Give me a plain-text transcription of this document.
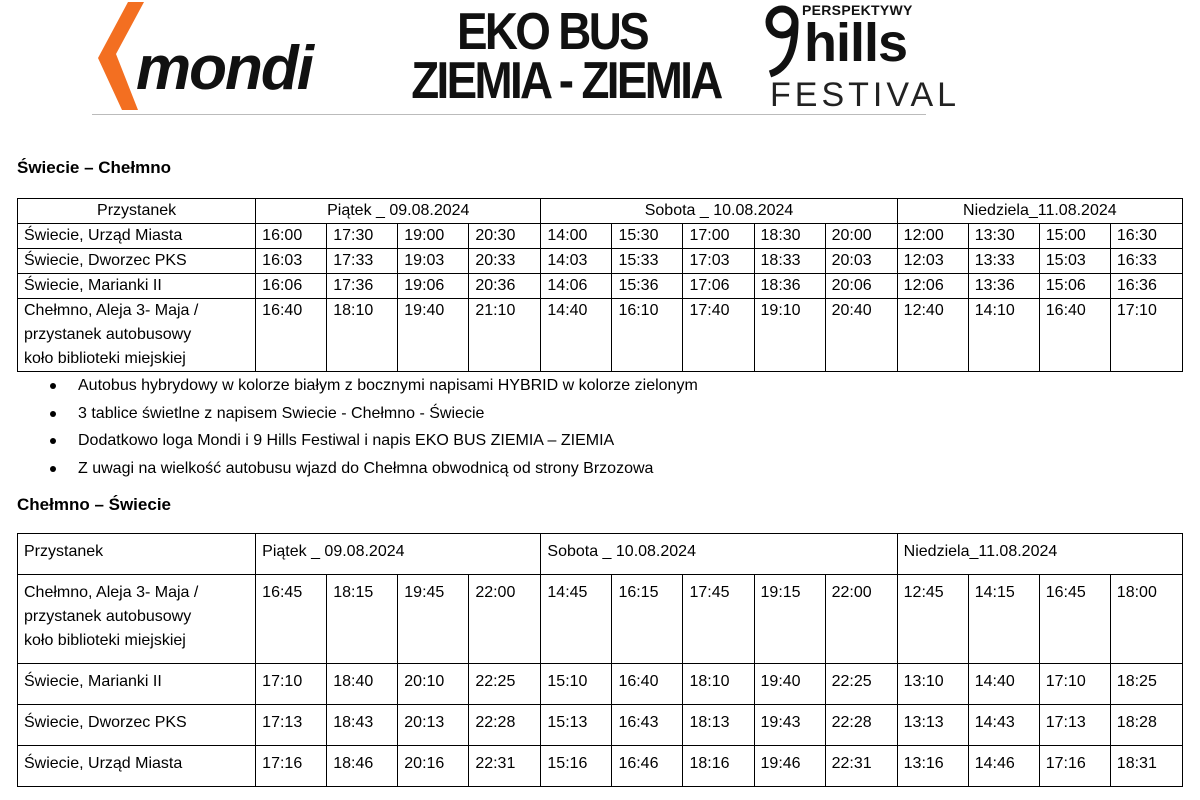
mondi
EKO BUS
ZIEMIA - ZIEMIA
PERSPEKTYWY
hills
FESTIVAL
Świecie – Chełmno
Przystanek	Piątek _ 09.08.2024				Sobota _ 10.08.2024					Niedziela_11.08.2024			
Świecie, Urząd Miasta	16:00	17:30	19:00	20:30	14:00	15:30	17:00	18:30	20:00	12:00	13:30	15:00	16:30
Świecie, Dworzec PKS	16:03	17:33	19:03	20:33	14:03	15:33	17:03	18:33	20:03	12:03	13:33	15:03	16:33
Świecie, Marianki II	16:06	17:36	19:06	20:36	14:06	15:36	17:06	18:36	20:06	12:06	13:36	15:06	16:36

Chełmno, Aleja 3- Maja /
przystanek autobusowy
koło biblioteki miejskiej	16:40	18:10	19:40	21:10	14:40	16:10	17:40	19:10	20:40	12:40	14:10	16:40	17:10
Autobus hybrydowy w kolorze białym z bocznymi napisami HYBRID w kolorze zielonym
3 tablice świetlne z napisem Swiecie - Chełmno - Świecie
Dodatkowo loga Mondi i 9 Hills Festiwal i napis EKO BUS ZIEMIA – ZIEMIA
Z uwagi na wielkość autobusu wjazd do Chełmna obwodnicą od strony Brzozowa
Chełmno – Świecie
Przystanek	Piątek _ 09.08.2024				Sobota _ 10.08.2024					Niedziela_11.08.2024			

Chełmno, Aleja 3- Maja /
przystanek autobusowy
koło biblioteki miejskiej	16:45	18:15	19:45	22:00	14:45	16:15	17:45	19:15	22:00	12:45	14:15	16:45	18:00
Świecie, Marianki II	17:10	18:40	20:10	22:25	15:10	16:40	18:10	19:40	22:25	13:10	14:40	17:10	18:25
Świecie, Dworzec PKS	17:13	18:43	20:13	22:28	15:13	16:43	18:13	19:43	22:28	13:13	14:43	17:13	18:28
Świecie, Urząd Miasta	17:16	18:46	20:16	22:31	15:16	16:46	18:16	19:46	22:31	13:16	14:46	17:16	18:31
